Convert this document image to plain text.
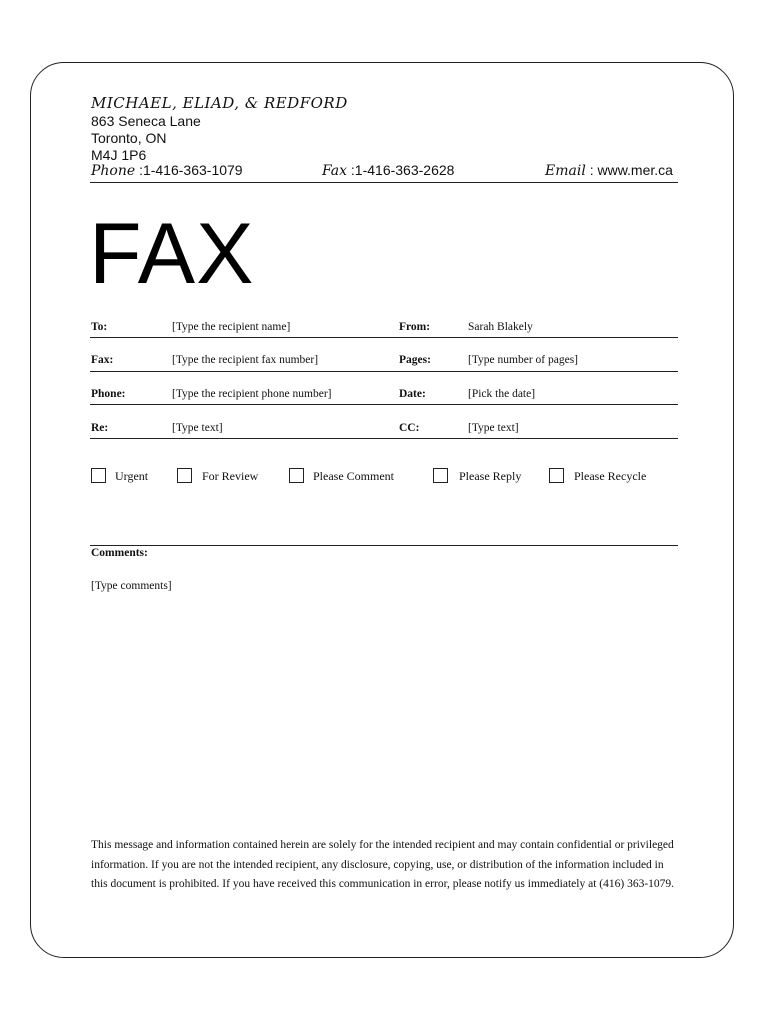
MICHAEL, ELIAD, & REDFORD
863 Seneca Lane
Toronto, ON
M4J 1P6
Phone :1-416-363-1079	Fax :1-416-363-2628	Email : www.mer.ca
FAX
To:	[Type the recipient name]	From:	Sarah Blakely
Fax:	[Type the recipient fax number]	Pages:	[Type number of pages]
Phone:	[Type the recipient phone number]	Date:	[Pick the date]
Re:	[Type text]	CC:	[Type text]
Urgent	For Review	Please Comment	Please Reply	Please Recycle
Comments:
[Type comments]
This message and information contained herein are solely for the intended recipient and may contain confidential or privileged information. If you are not the intended recipient, any disclosure, copying, use, or distribution of the information included in this document is prohibited. If you have received this communication in error, please notify us immediately at (416) 363-1079.
